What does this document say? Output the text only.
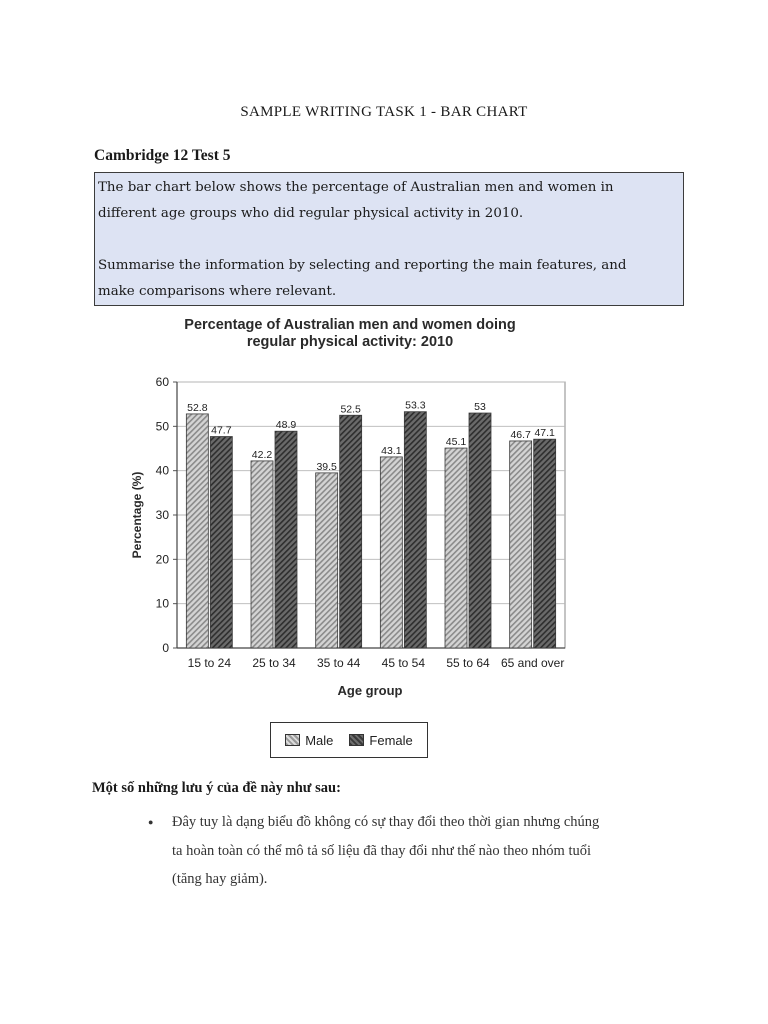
SAMPLE WRITING TASK 1 - BAR CHART
Cambridge 12 Test 5

The bar chart below shows the percentage of Australian men and women in

different age groups who did regular physical activity in 2010.

Summarise the information by selecting and reporting the main features, and

make comparisons where relevant.

Percentage of Australian men and women doing
regular physical activity: 2010
0
10
20
30
40
50
60
52.8
47.7
15 to 24
42.2
48.9
25 to 34
39.5
52.5
35 to 44
43.1
53.3
45 to 54
45.1
53
55 to 64
46.7 47.1
65 and over
Age group
Percentage (%)
Male	Female
Một số những lưu ý của đề này như sau:
● Đây tuy là dạng biểu đồ không có sự thay đổi theo thời gian nhưng chúng
ta hoàn toàn có thể mô tả số liệu đã thay đổi như thế nào theo nhóm tuổi
(tăng hay giảm).
